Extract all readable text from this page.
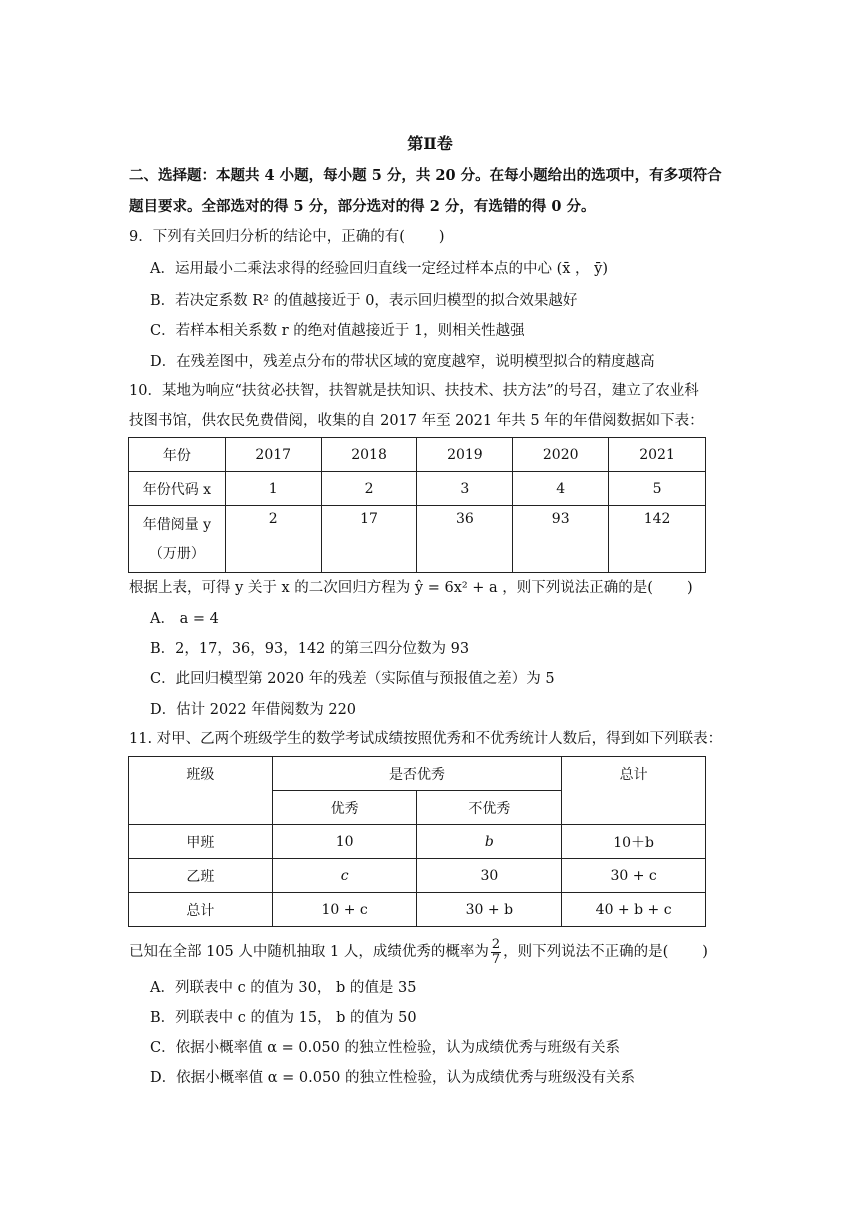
第Ⅱ卷
二、选择题：本题共 4 小题，每小题 5 分，共 20 分。在每小题给出的选项中，有多项符合
题目要求。全部选对的得 5 分，部分选对的得 2 分，有选错的得 0 分。
9．下列有关回归分析的结论中，正确的有( )
A．运用最小二乘法求得的经验回归直线一定经过样本点的中心 (x̄ ， ȳ)
B．若决定系数 R² 的值越接近于 0，表示回归模型的拟合效果越好
C．若样本相关系数 r 的绝对值越接近于 1，则相关性越强
D．在残差图中，残差点分布的带状区域的宽度越窄，说明模型拟合的精度越高
10．某地为响应“扶贫必扶智，扶智就是扶知识、扶技术、扶方法”的号召，建立了农业科
技图书馆，供农民免费借阅，收集的自 2017 年至 2021 年共 5 年的年借阅数据如下表：
年份	2017	2018	2019	2020	2021
年份代码 x	1	2	3	4	5

年借阅量 y
（万册）	2	17	36	93	142
根据上表，可得 y 关于 x 的二次回归方程为 ŷ = 6x² + a ，则下列说法正确的是( )
A． a = 4
B．2，17，36，93，142 的第三四分位数为 93
C．此回归模型第 2020 年的残差（实际值与预报值之差）为 5
D．估计 2022 年借阅数为 220
11. 对甲、乙两个班级学生的数学考试成绩按照优秀和不优秀统计人数后，得到如下列联表：
班级	是否优秀		总计
	优秀	不优秀	
甲班	10	b	10＋b
乙班	c	30	30 + c
总计	10 + c	30 + b	40 + b + c
已知在全部 105 人中随机抽取 1 人，成绩优秀的概率为 $\frac{2}{7}$ ，则下列说法不正确的是( )
A．列联表中 c 的值为 30， b 的值是 35
B．列联表中 c 的值为 15， b 的值为 50
C．依据小概率值 α = 0.050 的独立性检验，认为成绩优秀与班级有关系
D．依据小概率值 α = 0.050 的独立性检验，认为成绩优秀与班级没有关系
